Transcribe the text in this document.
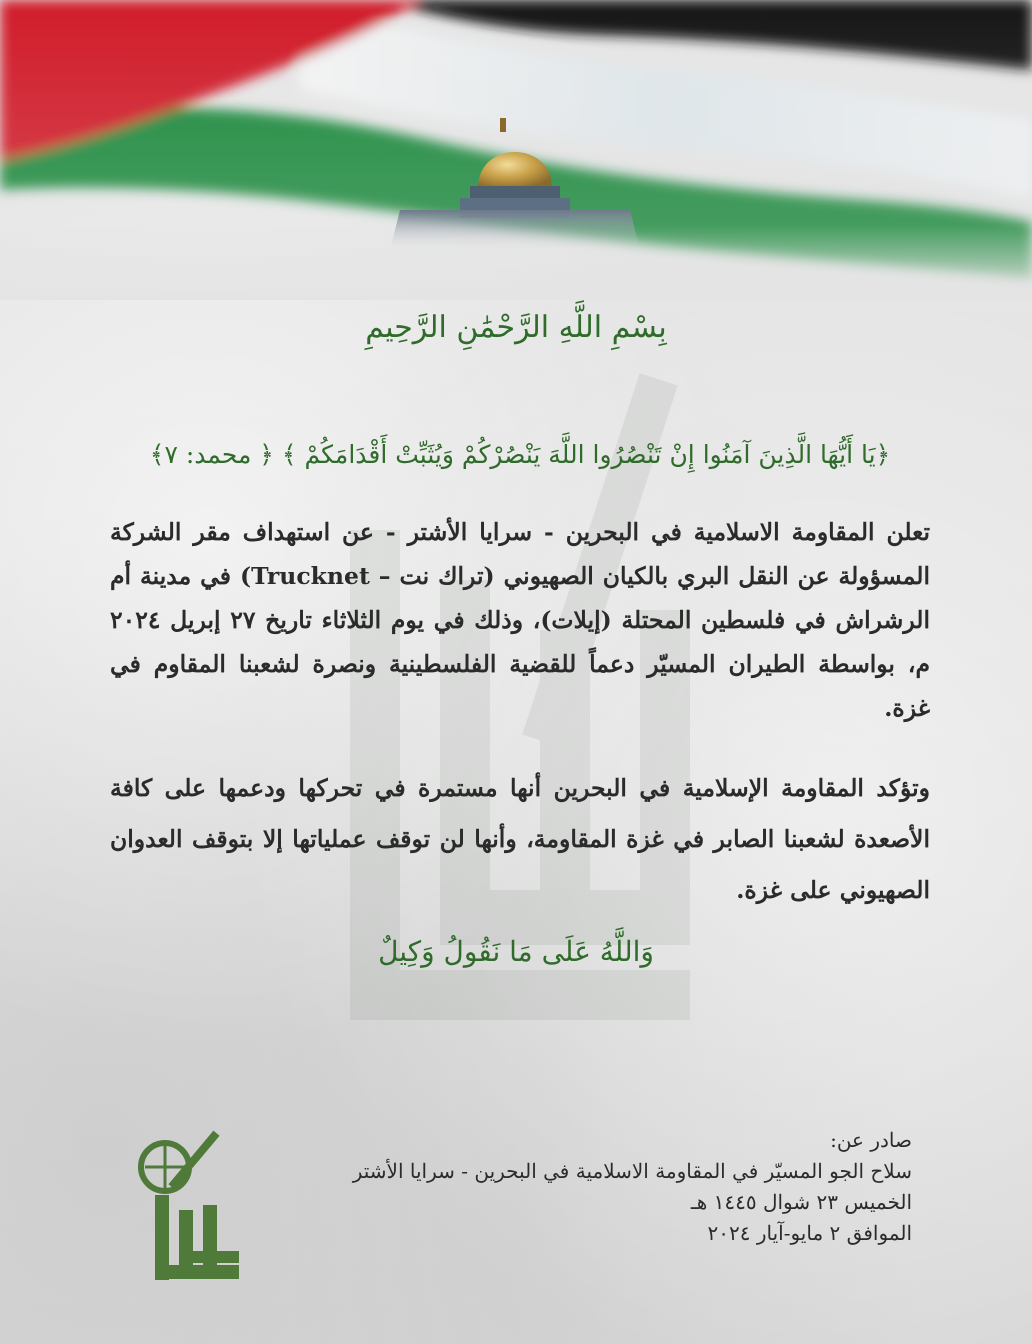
بِسْمِ اللَّهِ الرَّحْمَٰنِ الرَّحِيمِ
﴿يَا أَيُّهَا الَّذِينَ آمَنُوا إِنْ تَنْصُرُوا اللَّهَ يَنْصُرْكُمْ وَيُثَبِّتْ أَقْدَامَكُمْ ﴾ ﴿ محمد: ٧﴾
تعلن المقاومة الاسلامية في البحرين - سرايا الأشتر - عن استهداف مقر الشركة المسؤولة عن النقل البري بالكيان الصهيوني (تراك نت – Trucknet) في مدينة أم الرشراش في فلسطين المحتلة (إيلات)، وذلك في يوم الثلاثاء تاريخ ٢٧ إبريل ٢٠٢٤ م، بواسطة الطيران المسيّر دعماً للقضية الفلسطينية ونصرة لشعبنا المقاوم في غزة.
وتؤكد المقاومة الإسلامية في البحرين أنها مستمرة في تحركها ودعمها على كافة الأصعدة لشعبنا الصابر في غزة المقاومة، وأنها لن توقف عملياتها إلا بتوقف العدوان الصهيوني على غزة.
وَاللَّهُ عَلَى مَا نَقُولُ وَكِيلٌ
صادر عن:
سلاح الجو المسيّر في المقاومة الاسلامية في البحرين - سرايا الأشتر
الخميس ٢٣ شوال ١٤٤٥ هـ
الموافق ٢ مايو-آيار ٢٠٢٤
